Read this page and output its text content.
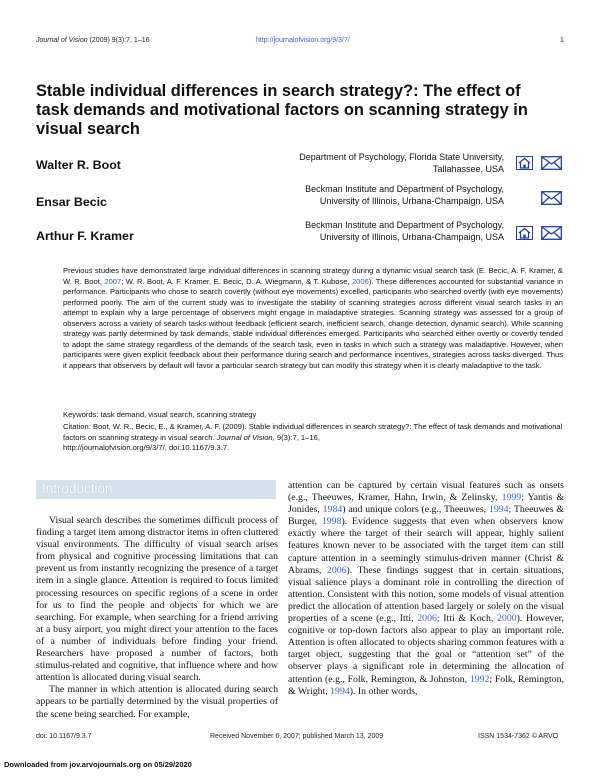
Journal of Vision (2009) 9(3):7, 1–16	http://journalofvision.org/9/3/7/	1
Stable individual differences in search strategy?: The effect of task demands and motivational factors on scanning strategy in visual search
Walter R. Boot
Department of Psychology, Florida State University,
Tallahassee, USA
Ensar Becic
Beckman Institute and Department of Psychology,
University of Illinois, Urbana-Champaign, USA
Arthur F. Kramer
Beckman Institute and Department of Psychology,
University of Illinois, Urbana-Champaign, USA
Previous studies have demonstrated large individual differences in scanning strategy during a dynamic visual search task (E. Becic, A. F. Kramer, & W. R. Boot, 2007; W. R. Boot, A. F. Kramer, E. Becic, D. A. Wiegmann, & T. Kubose, 2006). These differences accounted for substantial variance in performance. Participants who chose to search covertly (without eye movements) excelled, participants who searched overtly (with eye movements) performed poorly. The aim of the current study was to investigate the stability of scanning strategies across different visual search tasks in an attempt to explain why a large percentage of observers might engage in maladaptive strategies. Scanning strategy was assessed for a group of observers across a variety of search tasks without feedback (efficient search, inefficient search, change detection, dynamic search). While scanning strategy was partly determined by task demands, stable individual differences emerged. Participants who searched either overtly or covertly tended to adopt the same strategy regardless of the demands of the search task, even in tasks in which such a strategy was maladaptive. However, when participants were given explicit feedback about their performance during search and performance incentives, strategies across tasks diverged. Thus it appears that observers by default will favor a particular search strategy but can modify this strategy when it is clearly maladaptive to the task.
Keywords: task demand, visual search, scanning strategy
Citation: Boot, W. R., Becic, E., & Kramer, A. F. (2009). Stable individual differences in search strategy?: The effect of task demands and motivational factors on scanning strategy in visual search. Journal of Vision, 9(3):7, 1–16,
http://journalofvision.org/9/3/7/, doi:10.1167/9.3.7.
Introduction

Visual search describes the sometimes difficult process of finding a target item among distractor items in often cluttered visual environments. The difficulty of visual search arises from physical and cognitive processing limitations that can prevent us from instantly recognizing the presence of a target item in a single glance. Attention is required to focus limited processing resources on specific regions of a scene in order for us to find the people and objects for which we are searching. For example, when searching for a friend arriving at a busy airport, you might direct your attention to the faces of a number of individuals before finding your friend. Researchers have proposed a number of factors, both stimulus-related and cognitive, that influence where and how attention is allocated during visual search.

The manner in which attention is allocated during search appears to be partially determined by the visual properties of the scene being searched. For example,

attention can be captured by certain visual features such as onsets (e.g., Theeuwes, Kramer, Hahn, Irwin, & Zelinsky, 1999; Yantis & Jonides, 1984) and unique colors (e.g., Theeuwes, 1994; Theeuwes & Burger, 1998). Evidence suggests that even when observers know exactly where the target of their search will appear, highly salient features known never to be associated with the target item can still capture attention in a seemingly stimulus-driven manner (Christ & Abrams, 2006). These findings suggest that in certain situations, visual salience plays a dominant role in controlling the direction of attention. Consistent with this notion, some models of visual attention predict the allocation of attention based largely or solely on the visual properties of a scene (e.g., Itti, 2006; Itti & Koch, 2000). However, cognitive or top-down factors also appear to play an important role. Attention is often allocated to objects sharing common features with a target object, suggesting that the goal or “attention set” of the observer plays a significant role in determining the allocation of attention (e.g., Folk, Remington, & Johnston, 1992; Folk, Remington, & Wright, 1994). In other words,

doi: 10.1167/9.3.7	Received November 6, 2007; published March 13, 2009	ISSN 1534-7362 © ARVO
Downloaded from jov.arvojournals.org on 05/29/2020
